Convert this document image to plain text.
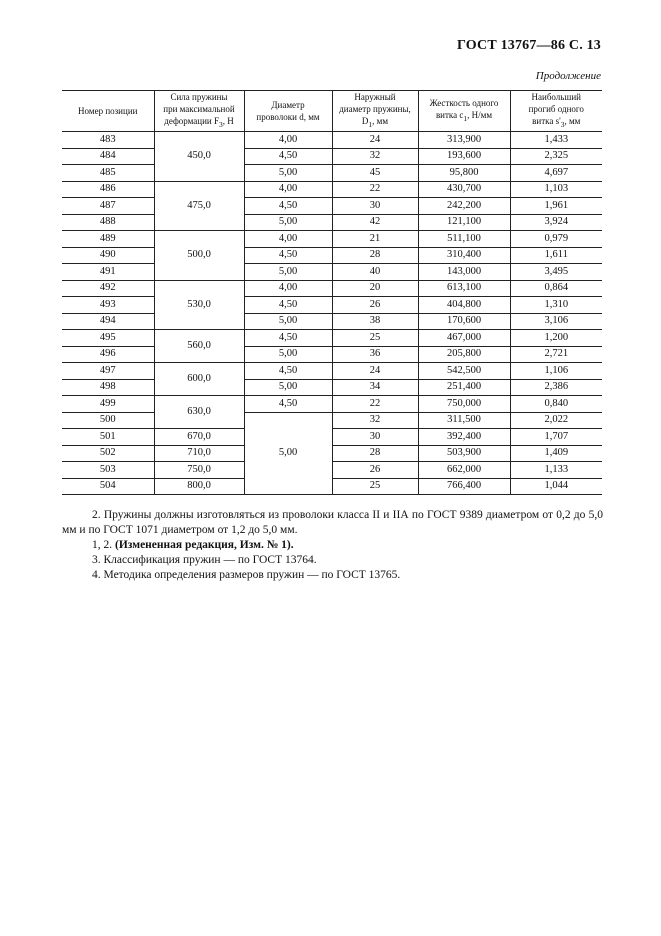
ГОСТ 13767—86 С. 13
Продолжение
Номер позиции	Сила пружины
при максимальной
деформации $F_3$, Н	Диаметр
проволоки d, мм	Наружный
диаметр пружины,
$D_1$, мм	Жесткость одного
витка $c_1$, Н/мм	Наибольший
прогиб одного
витка $s'_3$, мм
483	450,0	4,00	24	313,900	1,433
484		4,50	32	193,600	2,325
485		5,00	45	95,800	4,697
486	475,0	4,00	22	430,700	1,103
487		4,50	30	242,200	1,961
488		5,00	42	121,100	3,924
489	500,0	4,00	21	511,100	0,979
490		4,50	28	310,400	1,611
491		5,00	40	143,000	3,495
492	530,0	4,00	20	613,100	0,864
493		4,50	26	404,800	1,310
494		5,00	38	170,600	3,106
495	560,0	4,50	25	467,000	1,200
496		5,00	36	205,800	2,721
497	600,0	4,50	24	542,500	1,106
498		5,00	34	251,400	2,386
499	630,0	4,50	22	750,000	0,840
500		5,00	32	311,500	2,022
501	670,0		30	392,400	1,707
502	710,0		28	503,900	1,409
503	750,0		26	662,000	1,133
504	800,0		25	766,400	1,044

2. Пружины должны изготовляться из проволоки класса II и IIА по ГОСТ 9389 диаметром от 0,2 до 5,0 мм и по ГОСТ 1071 диаметром от 1,2 до 5,0 мм.

1, 2. (Измененная редакция, Изм. № 1).

3. Классификация пружин — по ГОСТ 13764.

4. Методика определения размеров пружин — по ГОСТ 13765.
